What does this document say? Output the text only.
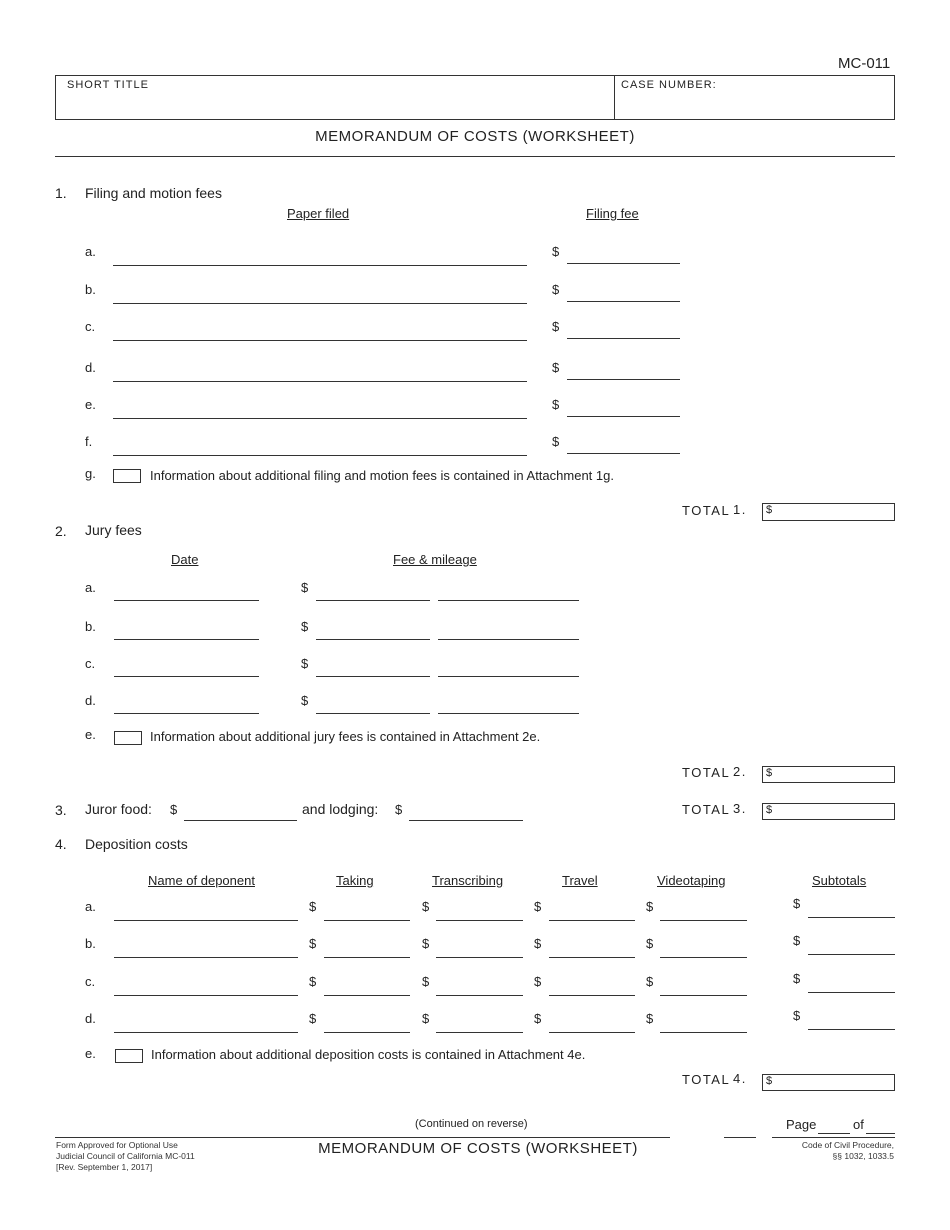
MC-011
SHORT TITLE	CASE NUMBER:
MEMORANDUM OF COSTS (WORKSHEET)
1. Filing and motion fees
Paper filed	Filing fee
a.	$
b.	$
c.	$
d.	$
e.	$
f.	$
g.	Information about additional filing and motion fees is contained in Attachment 1g.
TOTAL 1. $
2. Jury fees
Date	Fee & mileage
a.	$
b.	$
c.	$
d.	$
e.	Information about additional jury fees is contained in Attachment 2e.
TOTAL 2. $
3. Juror food: $	and lodging: $	TOTAL 3. $
4. Deposition costs
Name of deponent	Taking	Transcribing	Travel	Videotaping	Subtotals
a.	$	$	$	$	$
b.	$	$	$	$	$
c.	$	$	$	$	$
d.	$	$	$	$	$
e.	Information about additional deposition costs is contained in Attachment 4e.
TOTAL 4. $
(Continued on reverse)	Page	of
Form Approved for Optional Use
Judicial Council of California MC-011
[Rev. September 1, 2017]
MEMORANDUM OF COSTS (WORKSHEET)	Code of Civil Procedure,
§§ 1032, 1033.5
